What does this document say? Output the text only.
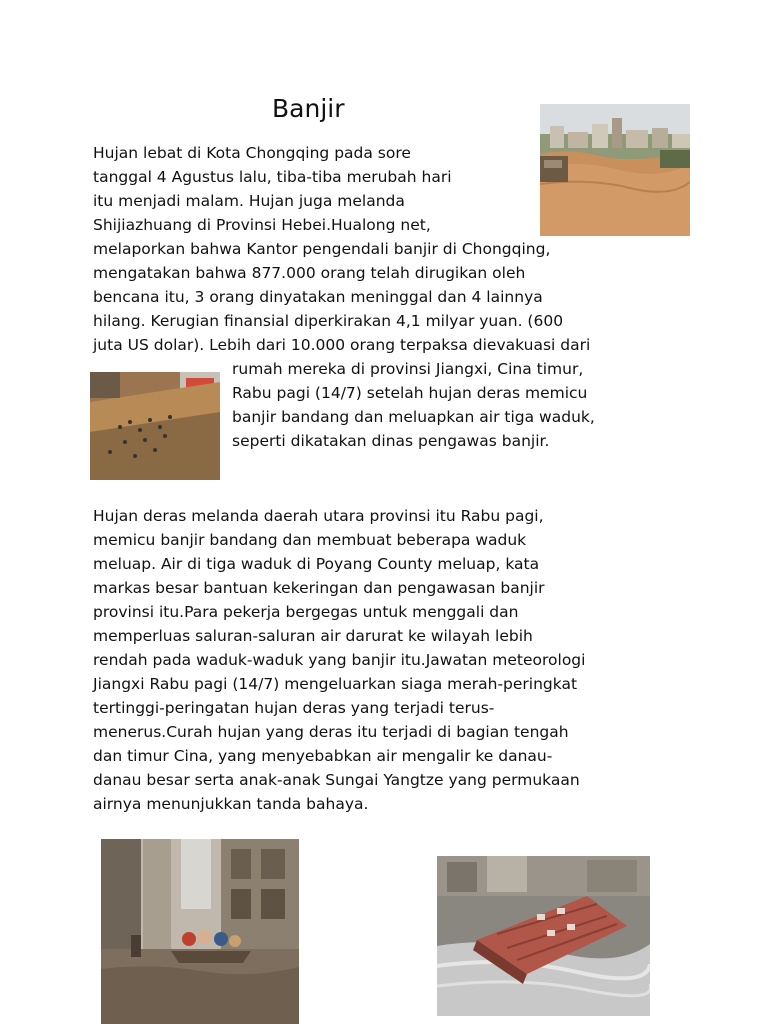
Banjir
Hujan lebat di Kota Chongqing pada sore
tanggal 4 Agustus lalu, tiba-tiba merubah hari
itu menjadi malam. Hujan juga melanda
Shijiazhuang di Provinsi Hebei.Hualong net,
melaporkan bahwa Kantor pengendali banjir di Chongqing,
mengatakan bahwa 877.000 orang telah dirugikan oleh
bencana itu, 3 orang dinyatakan meninggal dan 4 lainnya
hilang. Kerugian finansial diperkirakan 4,1 milyar yuan. (600
juta US dolar). Lebih dari 10.000 orang terpaksa dievakuasi dari
rumah mereka di provinsi Jiangxi, Cina timur,
Rabu pagi (14/7) setelah hujan deras memicu
banjir bandang dan meluapkan air tiga waduk,
seperti dikatakan dinas pengawas banjir.
Hujan deras melanda daerah utara provinsi itu Rabu pagi,
memicu banjir bandang dan membuat beberapa waduk
meluap. Air di tiga waduk di Poyang County meluap, kata
markas besar bantuan kekeringan dan pengawasan banjir
provinsi itu.Para pekerja bergegas untuk menggali dan
memperluas saluran-saluran air darurat ke wilayah lebih
rendah pada waduk-waduk yang banjir itu.Jawatan meteorologi
Jiangxi Rabu pagi (14/7) mengeluarkan siaga merah-peringkat
tertinggi-peringatan hujan deras yang terjadi terus-
menerus.Curah hujan yang deras itu terjadi di bagian tengah
dan timur Cina, yang menyebabkan air mengalir ke danau-
danau besar serta anak-anak Sungai Yangtze yang permukaan
airnya menunjukkan tanda bahaya.
